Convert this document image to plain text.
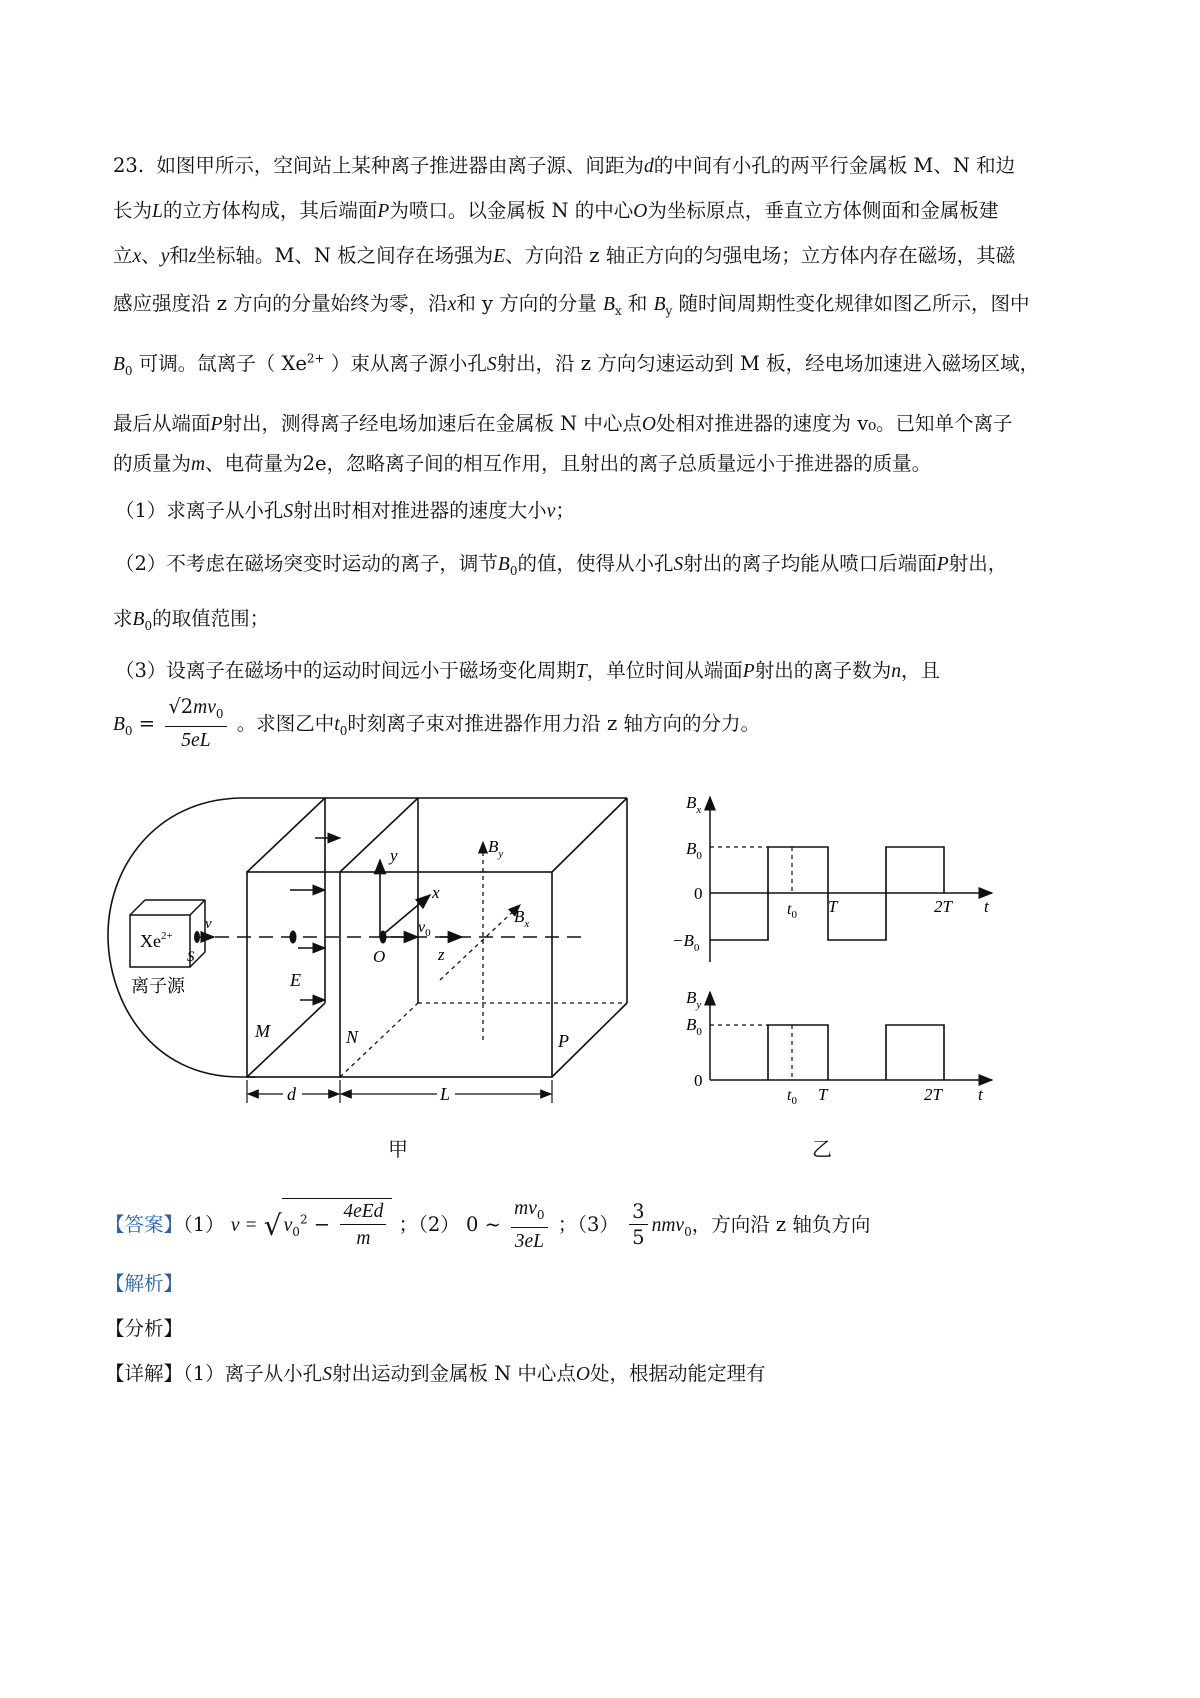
23. 如图甲所示，空间站上某种离子推进器由离子源、间距为d的中间有小孔的两平行金属板 M、N 和边
长为L的立方体构成，其后端面P为喷口。以金属板 N 的中心O为坐标原点，垂直立方体侧面和金属板建
立x、y和z坐标轴。M、N 板之间存在场强为E、方向沿 z 轴正方向的匀强电场；立方体内存在磁场，其磁
感应强度沿 z 方向的分量始终为零，沿x和 y 方向的分量 $B_x$ 和 $B_y$ 随时间周期性变化规律如图乙所示，图中
$B_0$ 可调。氙离子（ $Xe^{2+}$ ）束从离子源小孔S射出，沿 z 方向匀速运动到 M 板，经电场加速进入磁场区域，
最后从端面P射出，测得离子经电场加速后在金属板 N 中心点O处相对推进器的速度为 v₀。已知单个离子
的质量为m、电荷量为2e，忽略离子间的相互作用，且射出的离子总质量远小于推进器的质量。
（1）求离子从小孔S射出时相对推进器的速度大小v；
（2）不考虑在磁场突变时运动的离子，调节$B_0$的值，使得从小孔S射出的离子均能从喷口后端面P射出，
求$B_0$的取值范围；
（3）设离子在磁场中的运动时间远小于磁场变化周期T，单位时间从端面P射出的离子数为n，且
$B_0 = \frac{√2mv_0}{5eL}$ 。求图乙中$t_0$时刻离子束对推进器作用力沿 z 轴方向的分力。
$Xe^{2+}$
v
S
离子源	E
M	N	P
y
x
$v_0$
O	z
$B_y$
$B_x$
d	L
甲
$B_x$
$B_0$
0
$-B_0$
$t_0$ T	2T t
$B_y$
$B_0$
0
$t_0$ T	2T t
乙
【答案】（1） v = √ $v_0^2 - \frac{\text{4eEd}}{m}$ ；（2） 0 ~ $\frac{mv_0}{3eL}$ ；$(3) \frac{3}{5} nmv_0$，方向沿 z 轴负方向
【解析】
【分析】
【详解】（1）离子从小孔S射出运动到金属板 N 中心点O处，根据动能定理有
